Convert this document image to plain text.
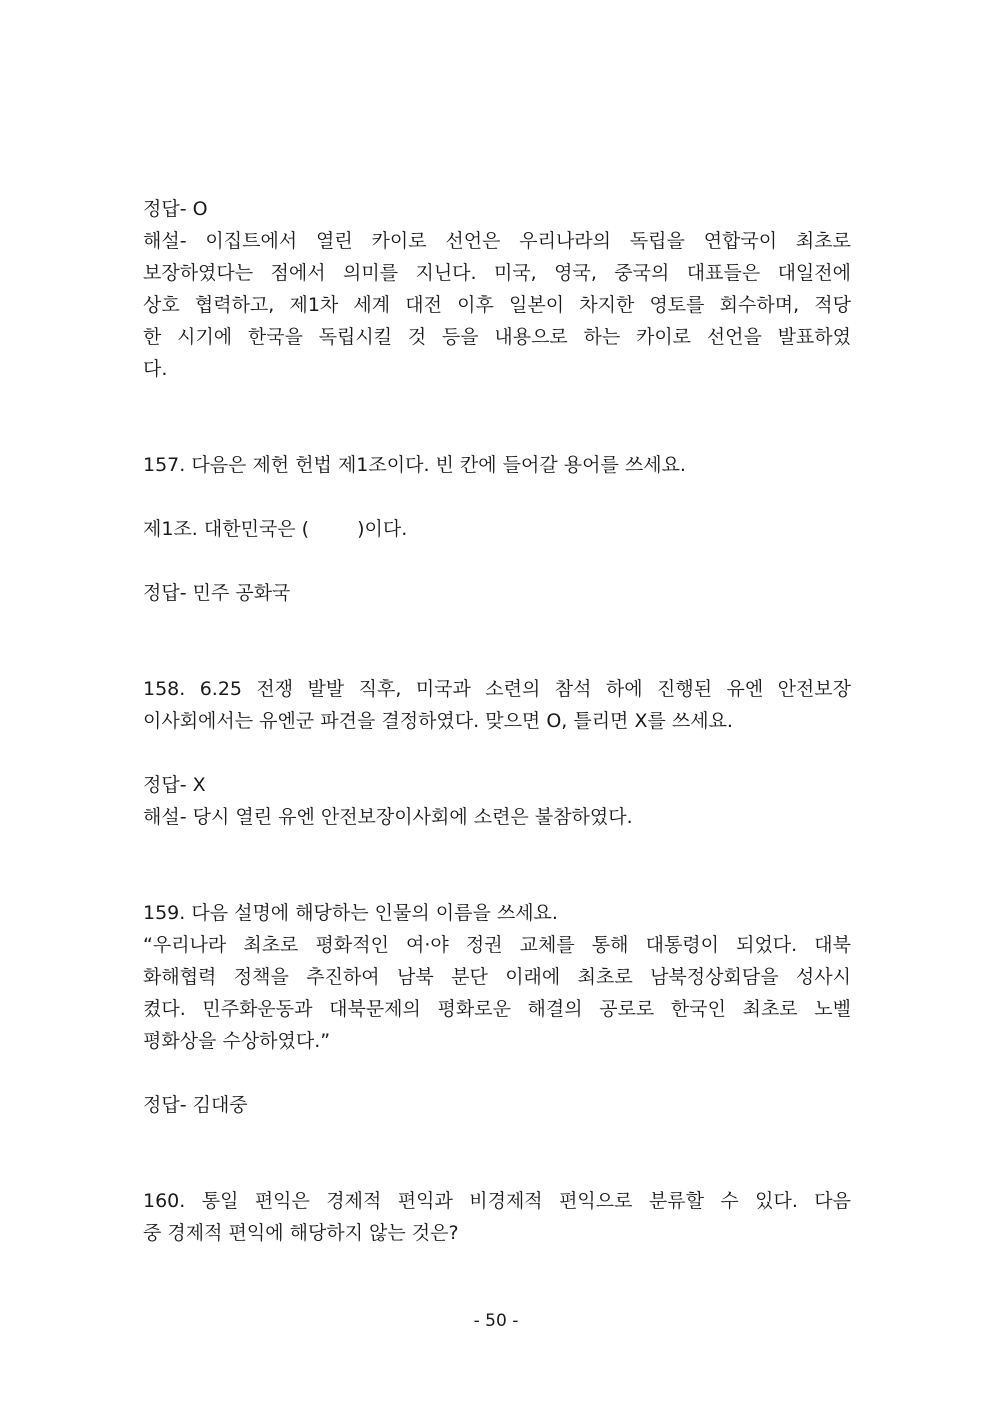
정답- O
해설- 이집트에서 열린 카이로 선언은 우리나라의 독립을 연합국이 최초로
보장하였다는 점에서 의미를 지닌다. 미국, 영국, 중국의 대표들은 대일전에
상호 협력하고, 제1차 세계 대전 이후 일본이 차지한 영토를 회수하며, 적당
한 시기에 한국을 독립시킬 것 등을 내용으로 하는 카이로 선언을 발표하였
다.
157. 다음은 제헌 헌법 제1조이다. 빈 칸에 들어갈 용어를 쓰세요.
제1조. 대한민국은 (	)이다.
정답- 민주 공화국
158. 6.25 전쟁 발발 직후, 미국과 소련의 참석 하에 진행된 유엔 안전보장
이사회에서는 유엔군 파견을 결정하였다. 맞으면 O, 틀리면 X를 쓰세요.
정답- X
해설- 당시 열린 유엔 안전보장이사회에 소련은 불참하였다.
159. 다음 설명에 해당하는 인물의 이름을 쓰세요.
“우리나라 최초로 평화적인 여·야 정권 교체를 통해 대통령이 되었다. 대북
화해협력 정책을 추진하여 남북 분단 이래에 최초로 남북정상회담을 성사시
켰다. 민주화운동과 대북문제의 평화로운 해결의 공로로 한국인 최초로 노벨
평화상을 수상하였다.”
정답- 김대중
160. 통일 편익은 경제적 편익과 비경제적 편익으로 분류할 수 있다. 다음
중 경제적 편익에 해당하지 않는 것은?
- 50 -
